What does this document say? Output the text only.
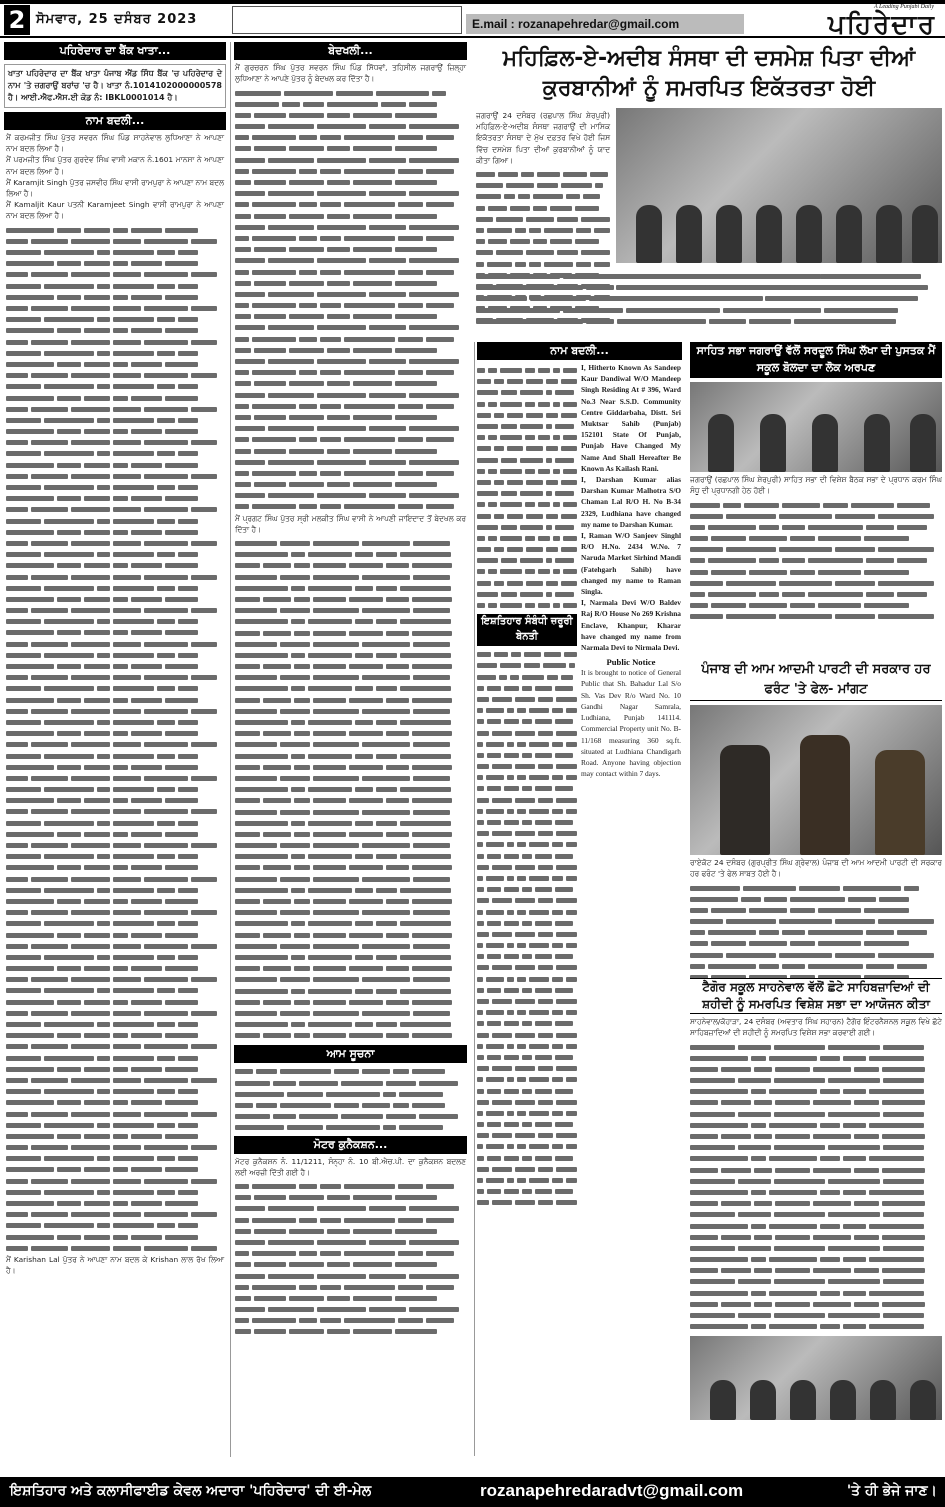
2 ਸੋਮਵਾਰ, 25 ਦਸੰਬਰ 2023	E.mail : rozanapehredar@gmail.com
A Leading Punjabi Daily
ਪਹਿਰੇਦਾਰ
ਪਹਿਰੇਦਾਰ ਦਾ ਬੈਂਕ ਖਾਤਾ...

ਖਾਤਾ ਪਹਿਰੇਦਾਰ ਦਾ ਬੈਂਕ ਖਾਤਾ ਪੰਜਾਬ ਐਂਡ ਸਿੰਧ ਬੈਂਕ 'ਚ ਪਹਿਰੇਦਾਰ ਦੇ ਨਾਮ 'ਤੇ ਜ਼ਗਰਾਉਂ ਬਰਾਂਚ 'ਚ ਹੈ। ਖਾਤਾ ਨੰ.1014102000000578 ਹੈ। ਆਈ.ਐਫ.ਐਸ.ਈ ਕੋਡ ਨੰ: IBKL0001014 ਹੈ।

ਨਾਮ ਬਦਲੀ...

ਮੈਂ ਕਰਮਜੀਤ ਸਿੰਘ ਪੁੱਤਰ ਸਵਰਨ ਸਿੰਘ ਪਿੰਡ ਸਾਹਨੇਵਾਲ ਲੁਧਿਆਣਾ ਨੇ ਆਪਣਾ ਨਾਮ ਬਦਲ ਲਿਆ ਹੈ।

ਮੈਂ ਪਰਮਜੀਤ ਸਿੰਘ ਪੁੱਤਰ ਗੁਰਦੇਵ ਸਿੰਘ ਵਾਸੀ ਮਕਾਨ ਨੰ.1601 ਮਾਨਸਾ ਨੇ ਆਪਣਾ ਨਾਮ ਬਦਲ ਲਿਆ ਹੈ।

ਮੈਂ Karamjit Singh ਪੁੱਤਰ ਜਸਵੀਰ ਸਿੰਘ ਵਾਸੀ ਰਾਮਪੁਰਾ ਨੇ ਆਪਣਾ ਨਾਮ ਬਦਲ ਲਿਆ ਹੈ।

ਮੈਂ Kamaljit Kaur ਪਤਨੀ Karamjeet Singh ਵਾਸੀ ਰਾਮਪੁਰਾ ਨੇ ਆਪਣਾ ਨਾਮ ਬਦਲ ਲਿਆ ਹੈ।

ਮੈਂ Karishan Lal ਪੁੱਤਰ ਨੇ ਆਪਣਾ ਨਾਮ ਬਦਲ ਕੇ Krishan ਲਾਲ ਰੱਖ ਲਿਆ ਹੈ।

ਬੇਦਖਲੀ...

ਮੈਂ ਗੁਰਚਰਨ ਸਿੰਘ ਪੁੱਤਰ ਸਵਰਨ ਸਿੰਘ ਪਿੰਡ ਸਿੱਧਵਾਂ, ਤਹਿਸੀਲ ਜਗਰਾਉਂ ਜ਼ਿਲ੍ਹਾ ਲੁਧਿਆਣਾ ਨੇ ਆਪਣੇ ਪੁੱਤਰ ਨੂੰ ਬੇਦਖਲ ਕਰ ਦਿੱਤਾ ਹੈ।

ਮੈਂ ਪ੍ਰਗਟ ਸਿੰਘ ਪੁੱਤਰ ਸ੍ਰੀ ਮਲਕੀਤ ਸਿੰਘ ਵਾਸੀ ਨੇ ਆਪਣੀ ਜਾਇਦਾਦ ਤੋਂ ਬੇਦਖਲ ਕਰ ਦਿੱਤਾ ਹੈ।

ਆਮ ਸੂਚਨਾ
ਮੋਟਰ ਕੁਨੈਕਸ਼ਨ...

ਮੋਟਰ ਕੁਨੈਕਸ਼ਨ ਨੰ. 11/1211, ਸੰਨ੍ਹਾ ਨੰ. 10 ਬੀ.ਐਚ.ਪੀ. ਦਾ ਕੁਨੈਕਸ਼ਨ ਬਦਲਣ ਲਈ ਅਰਜ਼ੀ ਦਿੱਤੀ ਗਈ ਹੈ।

ਮਹਿਫ਼ਿਲ-ਏ-ਅਦੀਬ ਸੰਸਥਾ ਦੀ ਦਸਮੇਸ਼ ਪਿਤਾ ਦੀਆਂ ਕੁਰਬਾਨੀਆਂ ਨੂੰ ਸਮਰਪਿਤ ਇਕੱਤਰਤਾ ਹੋਈ

ਜਗਰਾਉਂ 24 ਦਸੰਬਰ (ਰਛਪਾਲ ਸਿੰਘ ਸ਼ੇਰਪੁਰੀ) ਮਹਿਫ਼ਿਲ-ਏ-ਅਦੀਬ ਸੰਸਥਾ ਜਗਰਾਉਂ ਦੀ ਮਾਸਿਕ ਇਕੱਤਰਤਾ ਸੰਸਥਾ ਦੇ ਮੁੱਖ ਦਫ਼ਤਰ ਵਿਖੇ ਹੋਈ ਜਿਸ ਵਿੱਚ ਦਸਮੇਸ਼ ਪਿਤਾ ਦੀਆਂ ਕੁਰਬਾਨੀਆਂ ਨੂੰ ਯਾਦ ਕੀਤਾ ਗਿਆ।

ਨਾਮ ਬਦਲੀ...
ਇਸ਼ਤਿਹਾਰ ਸੰਬੰਧੀ ਜ਼ਰੂਰੀ ਬੇਨਤੀ

I, Hitherto Known As Sandeep Kaur Dandiwal W/O Mandeep Singh Residing At # 396, Ward No.3 Near S.S.D. Community Centre Giddarbaha, Distt. Sri Muktsar Sahib (Punjab) 152101 State Of Punjab, Punjab Have Changed My Name And Shall Hereafter Be Known As Kailash Rani.

I, Darshan Kumar alias Darshan Kumar Malhotra S/O Chaman Lal R/O H. No B-34 2329, Ludhiana have changed my name to Darshan Kumar.

I, Raman W/O Sanjeev Singhl R/O H.No. 2434 W.No. 7 Naruda Market Sirhind Mandi (Fatehgarh Sahib) have changed my name to Raman Singla.

I, Narmala Devi W/O Baldev Raj R/O House No 269 Krishna Enclave, Khanpur, Kharar have changed my name from Narmala Devi to Nirmala Devi.

Public Notice

It is brought to notice of General Public that Sh. Bahadur Lal S/o Sh. Vas Dev R/o Ward No. 10 Gandhi Nagar Samrala, Ludhiana, Punjab 141114. Commercial Property unit No. B-11/168 measuring 360 sq.ft. situated at Ludhiana Chandigarh Road. Anyone having objection may contact within 7 days.

ਸਾਹਿਤ ਸਭਾ ਜਗਰਾਉਂ ਵੱਲੋਂ ਸਰਦੂਲ ਸਿੰਘ ਲੱਖਾ ਦੀ ਪੁਸਤਕ ਮੈਂ ਸਕੂਲ ਬੋਲਦਾ ਦਾ ਲੋਕ ਅਰਪਣ

ਜਗਰਾਉਂ (ਰਛਪਾਲ ਸਿੰਘ ਸ਼ੇਰਪੁਰੀ) ਸਾਹਿਤ ਸਭਾ ਦੀ ਵਿਸ਼ੇਸ਼ ਬੈਠਕ ਸਭਾ ਦੇ ਪ੍ਰਧਾਨ ਕਰਮ ਸਿੰਘ ਸੰਧੂ ਦੀ ਪ੍ਰਧਾਨਗੀ ਹੇਠ ਹੋਈ।

ਪੰਜਾਬ ਦੀ ਆਮ ਆਦਮੀ ਪਾਰਟੀ ਦੀ ਸਰਕਾਰ ਹਰ ਫਰੰਟ 'ਤੇ ਫੇਲ- ਮਾਂਗਟ

ਰਾਏਕੋਟ 24 ਦਸੰਬਰ (ਗੁਰਪ੍ਰੀਤ ਸਿੰਘ ਗ੍ਰੇਵਾਲ) ਪੰਜਾਬ ਦੀ ਆਮ ਆਦਮੀ ਪਾਰਟੀ ਦੀ ਸਰਕਾਰ ਹਰ ਫਰੰਟ 'ਤੇ ਫੇਲ ਸਾਬਤ ਹੋਈ ਹੈ।

ਟੈਗੋਰ ਸਕੂਲ ਸਾਹਨੇਵਾਲ ਵੱਲੋਂ ਛੋਟੇ ਸਾਹਿਬਜ਼ਾਦਿਆਂ ਦੀ ਸ਼ਹੀਦੀ ਨੂੰ ਸਮਰਪਿਤ ਵਿਸ਼ੇਸ਼ ਸਭਾ ਦਾ ਆਯੋਜਨ ਕੀਤਾ

ਸਾਹਨੇਵਾਲ/ਕੋਹਾੜਾ, 24 ਦਸੰਬਰ (ਅਵਤਾਰ ਸਿੰਘ ਸਹਾਰਨ) ਟੈਗੋਰ ਇੰਟਰਨੈਸ਼ਨਲ ਸਕੂਲ ਵਿਖੇ ਛੋਟੇ ਸਾਹਿਬਜ਼ਾਦਿਆਂ ਦੀ ਸ਼ਹੀਦੀ ਨੂੰ ਸਮਰਪਿਤ ਵਿਸ਼ੇਸ਼ ਸਭਾ ਕਰਵਾਈ ਗਈ।

ਇਸ਼ਤਿਹਾਰ ਅਤੇ ਕਲਾਸੀਫਾਈਡ ਕੇਵਲ ਅਦਾਰਾ 'ਪਹਿਰੇਦਾਰ' ਦੀ ਈ-ਮੇਲ	rozanapehredaradvt@gmail.com	'ਤੇ ਹੀ ਭੇਜੇ ਜਾਣ।
